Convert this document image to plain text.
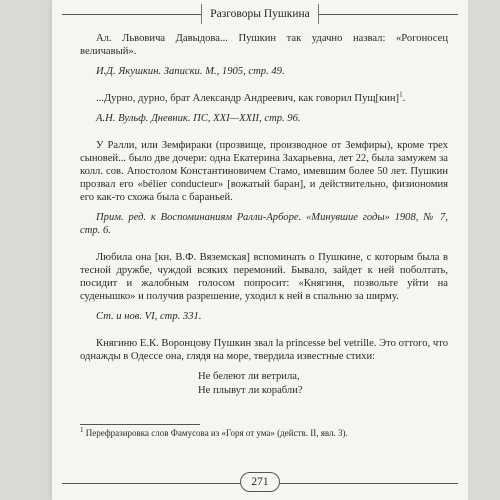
Разговоры Пушкина

Ал. Львовича Давыдова... Пушкин так удачно назвал: «Рогоносец величавый».

И.Д. Якушкин. Записки. М., 1905, стр. 49.

...Дурно, дурно, брат Александр Андреевич, как говорил Пущ[кин]$^1$.

А.Н. Вульф. Дневник. ПС, XXI—XXII, стр. 96.

У Ралли, или Земфираки (прозвище, производное от Земфиры), кроме трех сыновей... было две дочери: одна Екатерина Захарьевна, лет 22, была замужем за колл. сов. Апостолом Константиновичем Стамо, имевшим более 50 лет. Пушкин прозвал его «bélier conducteur» [вожатый баран], и действительно, физиономия его как-то схожа была с бараньей.

Прим. ред. к Воспоминаниям Ралли-Арборе. «Минувшие годы» 1908, № 7, стр. 6.

Любила она [кн. В.Ф. Вяземская] вспоминать о Пушкине, с которым была в тесной дружбе, чуждой всяких перемоний. Бывало, зайдет к ней поболтать, посидит и жалобным голосом попросит: «Княгиня, позвольте уйти на суденышко» и получив разрешение, уходил к ней в спальню за ширму.

Ст. и нов. VI, стр. 331.

Княгиню Е.К. Воронцову Пушкин звал la princesse bel vetrille. Это оттого, что однажды в Одессе она, глядя на море, твердила известные стихи:

Не белеют ли ветрила,
Не плывут ли корабли?
$^1$ Перефразировка слов Фамусова из «Горя от ума» (действ. II, явл. 3).
271
